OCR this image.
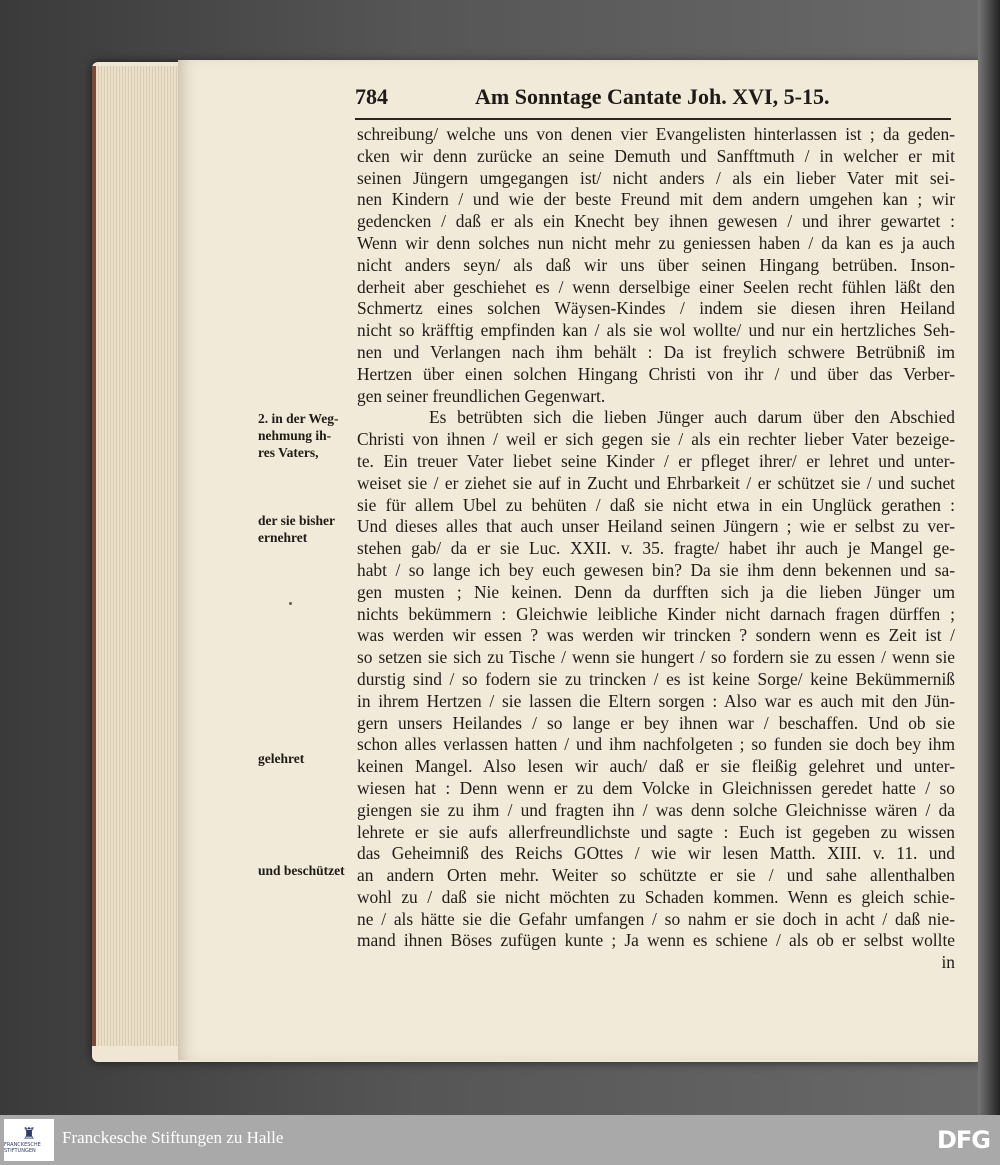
784	Am Sonntage Cantate Joh. XVI, 5-15.
schreibung/ welche uns von denen vier Evangelisten hinterlassen ist ; da geden-
cken wir denn zurücke an seine Demuth und Sanfftmuth / in welcher er mit
seinen Jüngern umgegangen ist/ nicht anders / als ein lieber Vater mit sei-
nen Kindern / und wie der beste Freund mit dem andern umgehen kan ; wir
gedencken / daß er als ein Knecht bey ihnen gewesen / und ihrer gewartet :
Wenn wir denn solches nun nicht mehr zu geniessen haben / da kan es ja auch
nicht anders seyn/ als daß wir uns über seinen Hingang betrüben. Inson-
derheit aber geschiehet es / wenn derselbige einer Seelen recht fühlen läßt den
Schmertz eines solchen Wäysen-Kindes / indem sie diesen ihren Heiland
nicht so kräfftig empfinden kan / als sie wol wollte/ und nur ein hertzliches Seh-
nen und Verlangen nach ihm behält : Da ist freylich schwere Betrübniß im
Hertzen über einen solchen Hingang Christi von ihr / und über das Verber-
gen seiner freundlichen Gegenwart.
Es betrübten sich die lieben Jünger auch darum über den Abschied
Christi von ihnen / weil er sich gegen sie / als ein rechter lieber Vater bezeige-
te. Ein treuer Vater liebet seine Kinder / er pfleget ihrer/ er lehret und unter-
weiset sie / er ziehet sie auf in Zucht und Ehrbarkeit / er schützet sie / und suchet
sie für allem Ubel zu behüten / daß sie nicht etwa in ein Unglück gerathen :
Und dieses alles that auch unser Heiland seinen Jüngern ; wie er selbst zu ver-
stehen gab/ da er sie Luc. XXII. v. 35. fragte/ habet ihr auch je Mangel ge-
habt / so lange ich bey euch gewesen bin? Da sie ihm denn bekennen und sa-
gen musten ; Nie keinen. Denn da durfften sich ja die lieben Jünger um
nichts bekümmern : Gleichwie leibliche Kinder nicht darnach fragen dürffen ;
was werden wir essen ? was werden wir trincken ? sondern wenn es Zeit ist /
so setzen sie sich zu Tische / wenn sie hungert / so fordern sie zu essen / wenn sie
durstig sind / so fodern sie zu trincken / es ist keine Sorge/ keine Bekümmerniß
in ihrem Hertzen / sie lassen die Eltern sorgen : Also war es auch mit den Jün-
gern unsers Heilandes / so lange er bey ihnen war / beschaffen. Und ob sie
schon alles verlassen hatten / und ihm nachfolgeten ; so funden sie doch bey ihm
keinen Mangel. Also lesen wir auch/ daß er sie fleißig gelehret und unter-
wiesen hat : Denn wenn er zu dem Volcke in Gleichnissen geredet hatte / so
giengen sie zu ihm / und fragten ihn / was denn solche Gleichnisse wären / da
lehrete er sie aufs allerfreundlichste und sagte : Euch ist gegeben zu wissen
das Geheimniß des Reichs GOttes / wie wir lesen Matth. XIII. v. 11. und
an andern Orten mehr. Weiter so schützte er sie / und sahe allenthalben
wohl zu / daß sie nicht möchten zu Schaden kommen. Wenn es gleich schie-
ne / als hätte sie die Gefahr umfangen / so nahm er sie doch in acht / daß nie-
mand ihnen Böses zufügen kunte ; Ja wenn es schiene / als ob er selbst wollte
in
2. in der Weg-
nehmung ih-
res Vaters,
der sie bisher
ernehret
gelehret
und beschützet
♜
FRANCKESCHE STIFTUNGEN
Franckesche Stiftungen zu Halle	DFG
